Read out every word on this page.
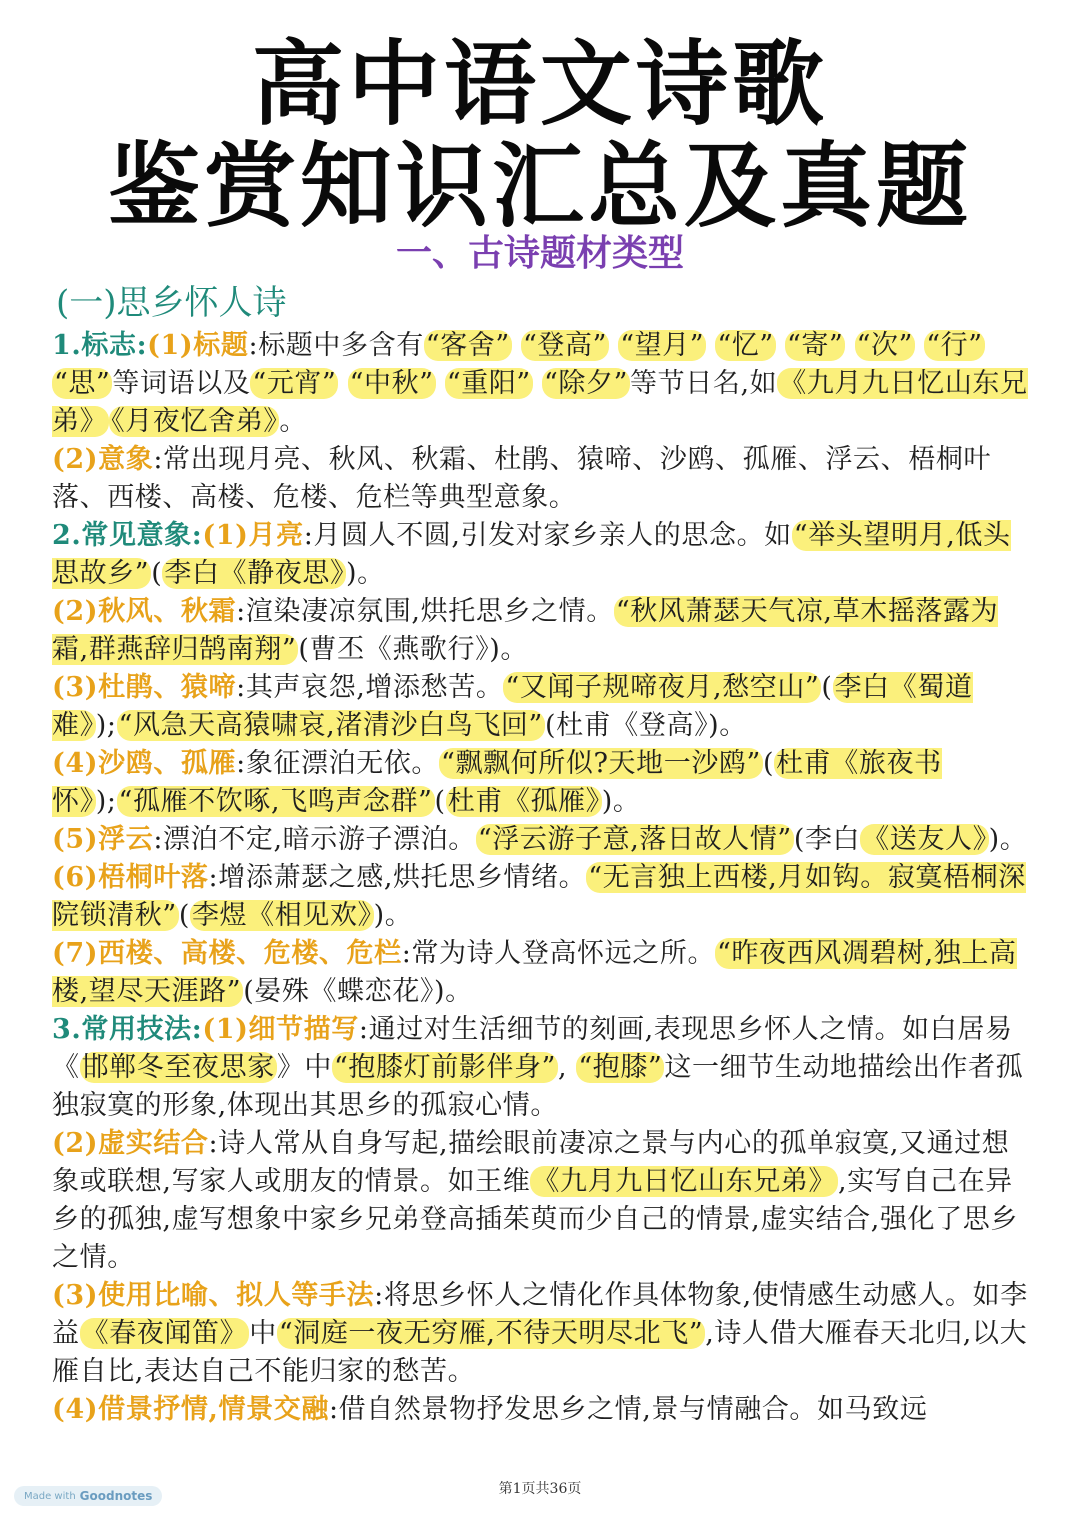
高中语文诗歌
鉴赏知识汇总及真题
一、古诗题材类型
(一)思乡怀人诗

1.标志:(1)标题:标题中多含有“客舍” “登高” “望月” “忆” “寄” “次” “行” “思”等词语以及“元宵” “中秋” “重阳” “除夕”等节日名,如《九月九日忆山东兄弟》 《月夜忆舍弟》。

(2)意象:常出现月亮、秋风、秋霜、杜鹃、猿啼、沙鸥、孤雁、浮云、梧桐叶落、西楼、高楼、危楼、危栏等典型意象。

2.常见意象:(1)月亮:月圆人不圆,引发对家乡亲人的思念。如“举头望明月,低头思故乡”(李白《静夜思》)。

(2)秋风、秋霜:渲染凄凉氛围,烘托思乡之情。“秋风萧瑟天气凉,草木摇落露为霜,群燕辞归鹄南翔”(曹丕《燕歌行》)。

(3)杜鹃、猿啼:其声哀怨,增添愁苦。“又闻子规啼夜月,愁空山”(李白《蜀道难》);“风急天高猿啸哀,渚清沙白鸟飞回”(杜甫《登高》)。

(4)沙鸥、孤雁:象征漂泊无依。“飘飘何所似?天地一沙鸥”(杜甫《旅夜书怀》);“孤雁不饮啄,飞鸣声念群”(杜甫《孤雁》)。

(5)浮云:漂泊不定,暗示游子漂泊。“浮云游子意,落日故人情”(李白《送友人》)。

(6)梧桐叶落:增添萧瑟之感,烘托思乡情绪。“无言独上西楼,月如钩。寂寞梧桐深院锁清秋”(李煜《相见欢》)。

(7)西楼、高楼、危楼、危栏:常为诗人登高怀远之所。“昨夜西风凋碧树,独上高楼,望尽天涯路”(晏殊《蝶恋花》)。

3.常用技法:(1)细节描写:通过对生活细节的刻画,表现思乡怀人之情。如白居易《邯郸冬至夜思家》中“抱膝灯前影伴身”, “抱膝”这一细节生动地描绘出作者孤独寂寞的形象,体现出其思乡的孤寂心情。

(2)虚实结合:诗人常从自身写起,描绘眼前凄凉之景与内心的孤单寂寞,又通过想象或联想,写家人或朋友的情景。如王维《九月九日忆山东兄弟》,实写自己在异乡的孤独,虚写想象中家乡兄弟登高插茱萸而少自己的情景,虚实结合,强化了思乡之情。

(3)使用比喻、拟人等手法:将思乡怀人之情化作具体物象,使情感生动感人。如李益《春夜闻笛》中“洞庭一夜无穷雁,不待天明尽北飞”,诗人借大雁春天北归,以大雁自比,表达自己不能归家的愁苦。

(4)借景抒情,情景交融:借自然景物抒发思乡之情,景与情融合。如马致远

第1页共36页
Made with Goodnotes
